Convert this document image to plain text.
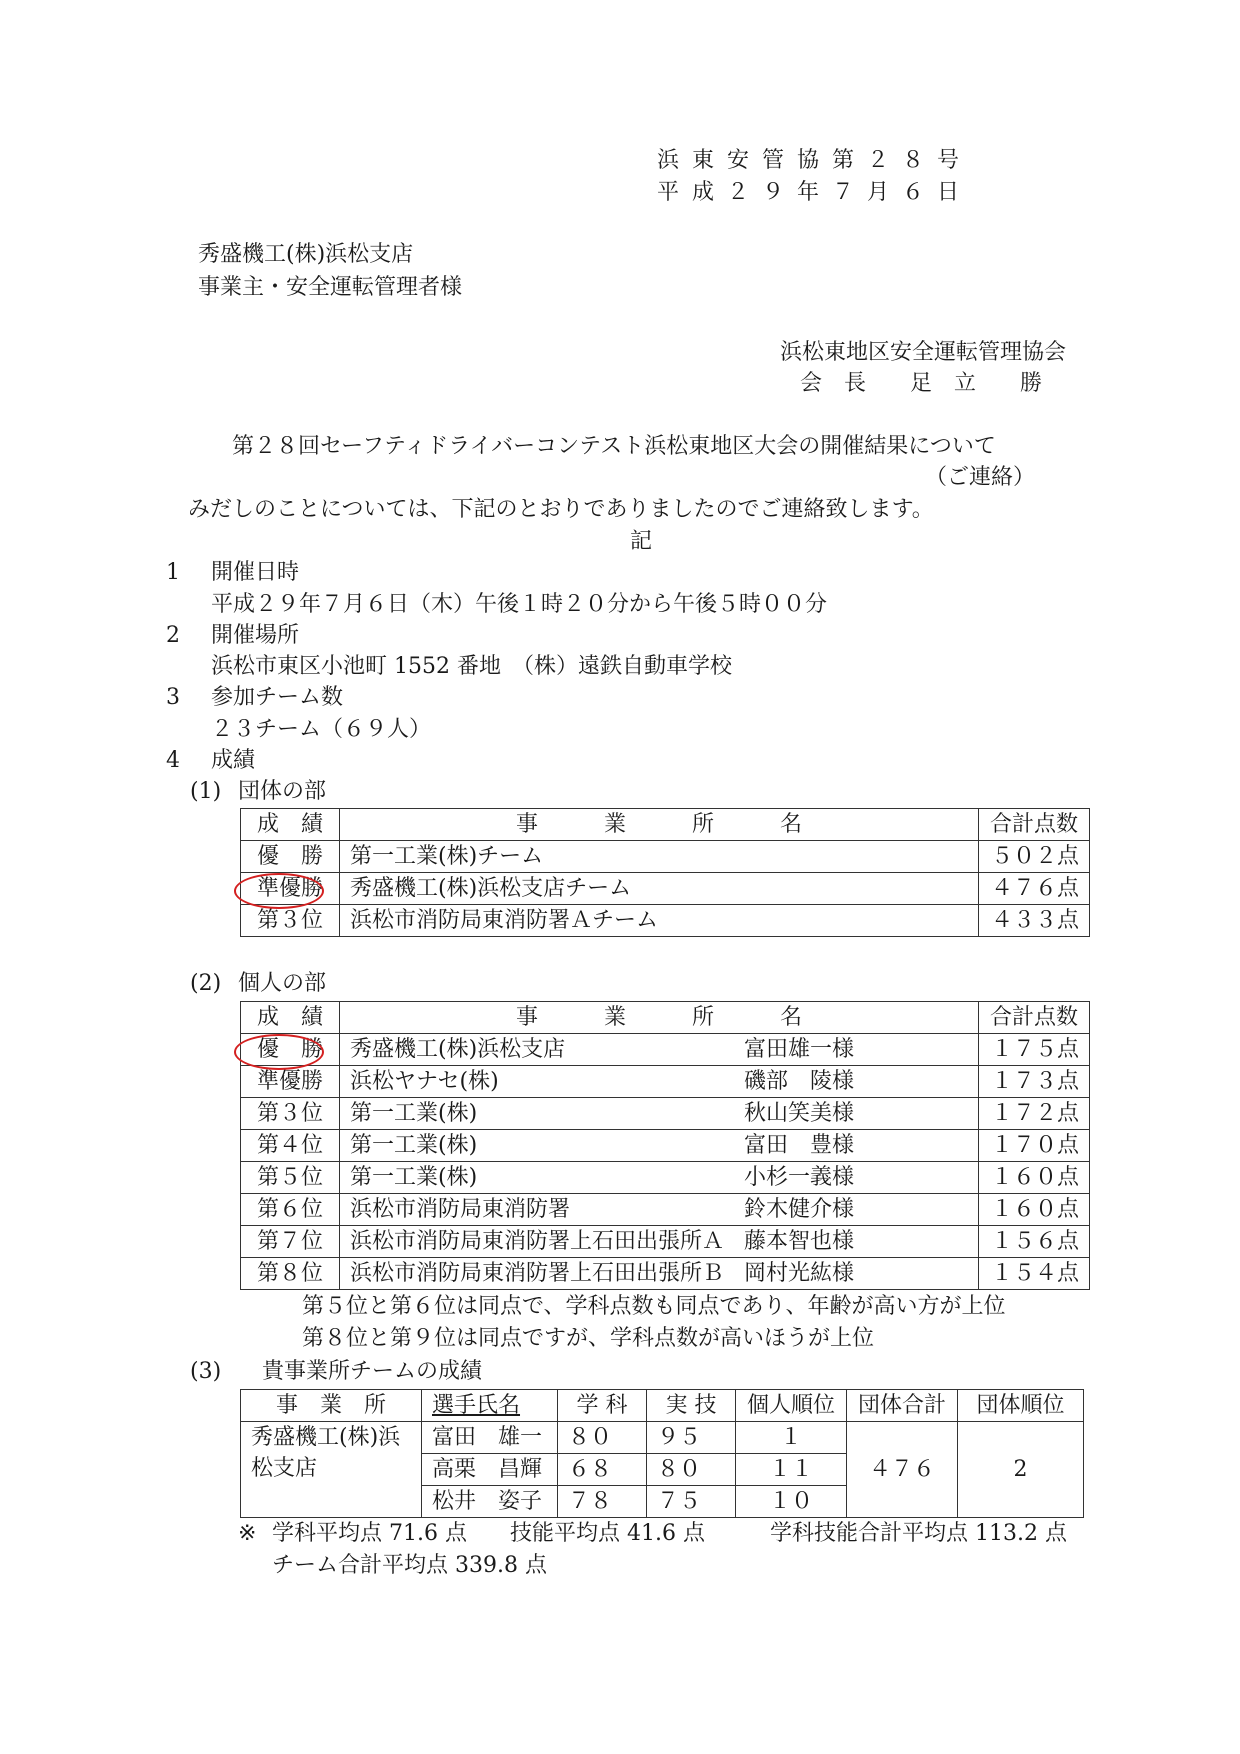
浜東安管協第２８号
平成２９年７月６日
秀盛機工(株)浜松支店
事業主・安全運転管理者様
浜松東地区安全運転管理協会
会　長　　足　立　　勝
第２８回セーフティドライバーコンテスト浜松東地区大会の開催結果について
（ご連絡）
みだしのことについては、下記のとおりでありましたのでご連絡致します。
記
1 開催日時
平成２９年７月６日（木）午後１時２０分から午後５時００分
2 開催場所
浜松市東区小池町 1552 番地　（株）遠鉄自動車学校
3 参加チーム数
２３チーム（６９人）
4 成績
(1) 団体の部
成　績	事　　　業　　　所　　　名	合計点数
優　勝	第一工業(株)チーム	５０２点
準優勝	秀盛機工(株)浜松支店チーム	４７６点
第３位	浜松市消防局東消防署Ａチーム	４３３点
(2) 個人の部
成　績	事　　　業　　　所　　　名		合計点数
優　勝	秀盛機工(株)浜松支店	富田雄一様	１７５点
準優勝	浜松ヤナセ(株)	磯部　陵様	１７３点
第３位	第一工業(株)	秋山笑美様	１７２点
第４位	第一工業(株)	富田　豊様	１７０点
第５位	第一工業(株)	小杉一義様	１６０点
第６位	浜松市消防局東消防署	鈴木健介様	１６０点
第７位	浜松市消防局東消防署上石田出張所Ａ	藤本智也様	１５６点
第８位	浜松市消防局東消防署上石田出張所Ｂ	岡村光紘様	１５４点
第５位と第６位は同点で、学科点数も同点であり、年齢が高い方が上位
第８位と第９位は同点ですが、学科点数が高いほうが上位
(3) 貴事業所チームの成績
事　業　所	選手氏名	学 科	実 技	個人順位	団体合計	団体順位
秀盛機工(株)浜松支店	富田　雄一	８０	９５	１	４７６	2
	高栗　昌輝	６８	８０	１１		
	松井　姿子	７８	７５	１０		
※ 学科平均点 71.6 点 技能平均点 41.6 点	学科技能合計平均点 113.2 点
チーム合計平均点 339.8 点
